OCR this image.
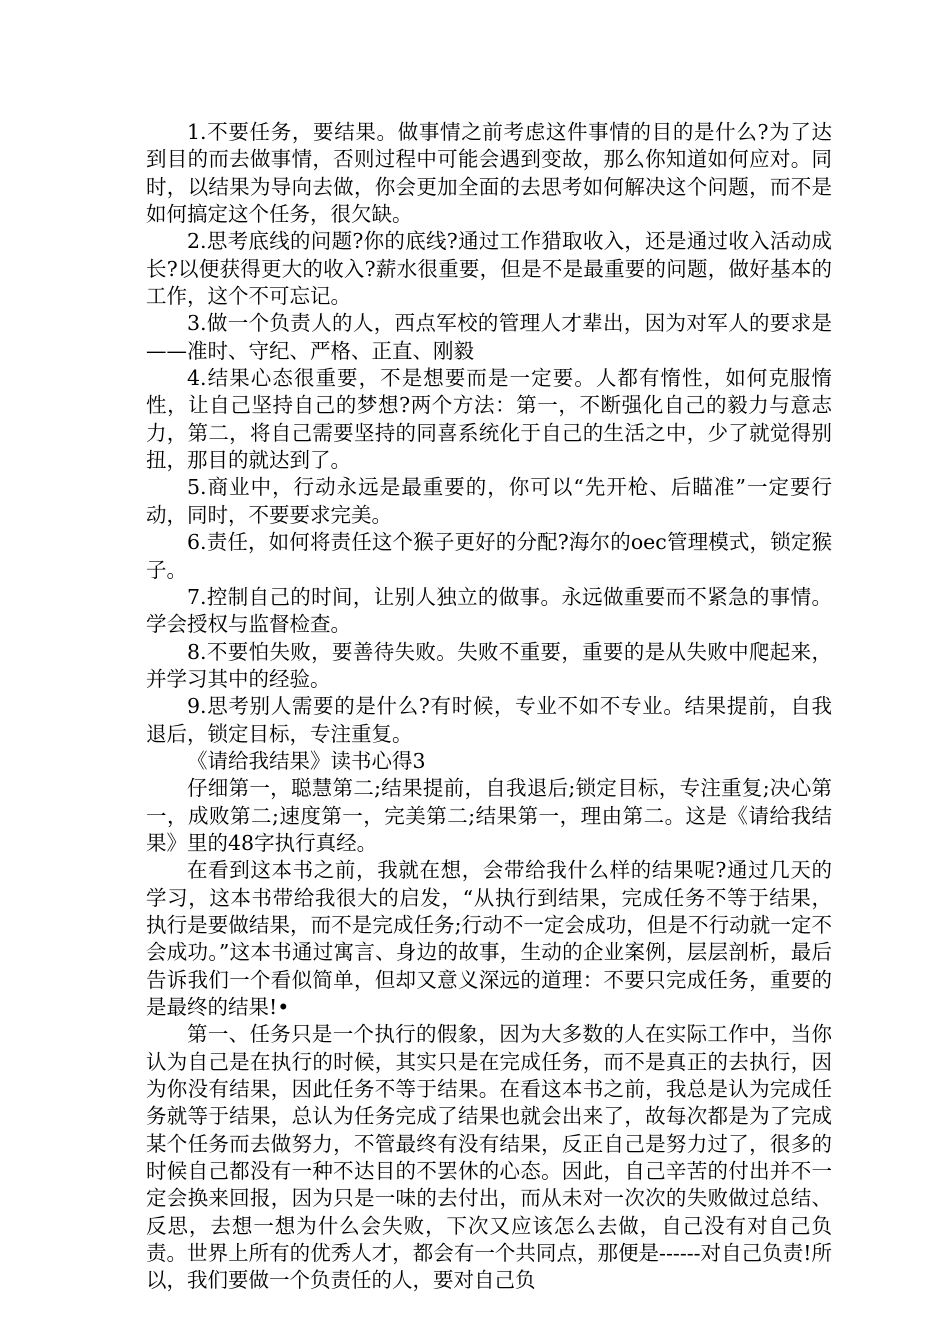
1.不要任务，要结果。做事情之前考虑这件事情的目的是什么?为了达到目的而去做事情，否则过程中可能会遇到变故，那么你知道如何应对。同时，以结果为导向去做，你会更加全面的去思考如何解决这个问题，而不是如何搞定这个任务，很欠缺。

2.思考底线的问题?你的底线?通过工作猎取收入，还是通过收入活动成长?以便获得更大的收入?薪水很重要，但是不是最重要的问题，做好基本的工作，这个不可忘记。

3.做一个负责人的人，西点军校的管理人才辈出，因为对军人的要求是——准时、守纪、严格、正直、刚毅

4.结果心态很重要，不是想要而是一定要。人都有惰性，如何克服惰性，让自己坚持自己的梦想?两个方法：第一，不断强化自己的毅力与意志力，第二，将自己需要坚持的同喜系统化于自己的生活之中，少了就觉得别扭，那目的就达到了。

5.商业中，行动永远是最重要的，你可以“先开枪、后瞄准”一定要行动，同时，不要要求完美。

6.责任，如何将责任这个猴子更好的分配?海尔的oec管理模式，锁定猴子。

7.控制自己的时间，让别人独立的做事。永远做重要而不紧急的事情。学会授权与监督检查。

8.不要怕失败，要善待失败。失败不重要，重要的是从失败中爬起来，并学习其中的经验。

9.思考别人需要的是什么?有时候，专业不如不专业。结果提前，自我退后，锁定目标，专注重复。

《请给我结果》读书心得3

仔细第一，聪慧第二;结果提前，自我退后;锁定目标，专注重复;决心第一，成败第二;速度第一，完美第二;结果第一，理由第二。这是《请给我结果》里的48字执行真经。

在看到这本书之前，我就在想，会带给我什么样的结果呢?通过几天的学习，这本书带给我很大的启发，“从执行到结果，完成任务不等于结果，执行是要做结果，而不是完成任务;行动不一定会成功，但是不行动就一定不会成功。”这本书通过寓言、身边的故事，生动的企业案例，层层剖析，最后告诉我们一个看似简单，但却又意义深远的道理：不要只完成任务，重要的是最终的结果!•

第一、任务只是一个执行的假象，因为大多数的人在实际工作中，当你认为自己是在执行的时候，其实只是在完成任务，而不是真正的去执行，因为你没有结果，因此任务不等于结果。在看这本书之前，我总是认为完成任务就等于结果，总认为任务完成了结果也就会出来了，故每次都是为了完成某个任务而去做努力，不管最终有没有结果，反正自己是努力过了，很多的时候自己都没有一种不达目的不罢休的心态。因此，自己辛苦的付出并不一定会换来回报，因为只是一味的去付出，而从未对一次次的失败做过总结、反思，去想一想为什么会失败，下次又应该怎么去做，自己没有对自己负责。世界上所有的优秀人才，都会有一个共同点，那便是------对自己负责!所以，我们要做一个负责任的人，要对自己负
